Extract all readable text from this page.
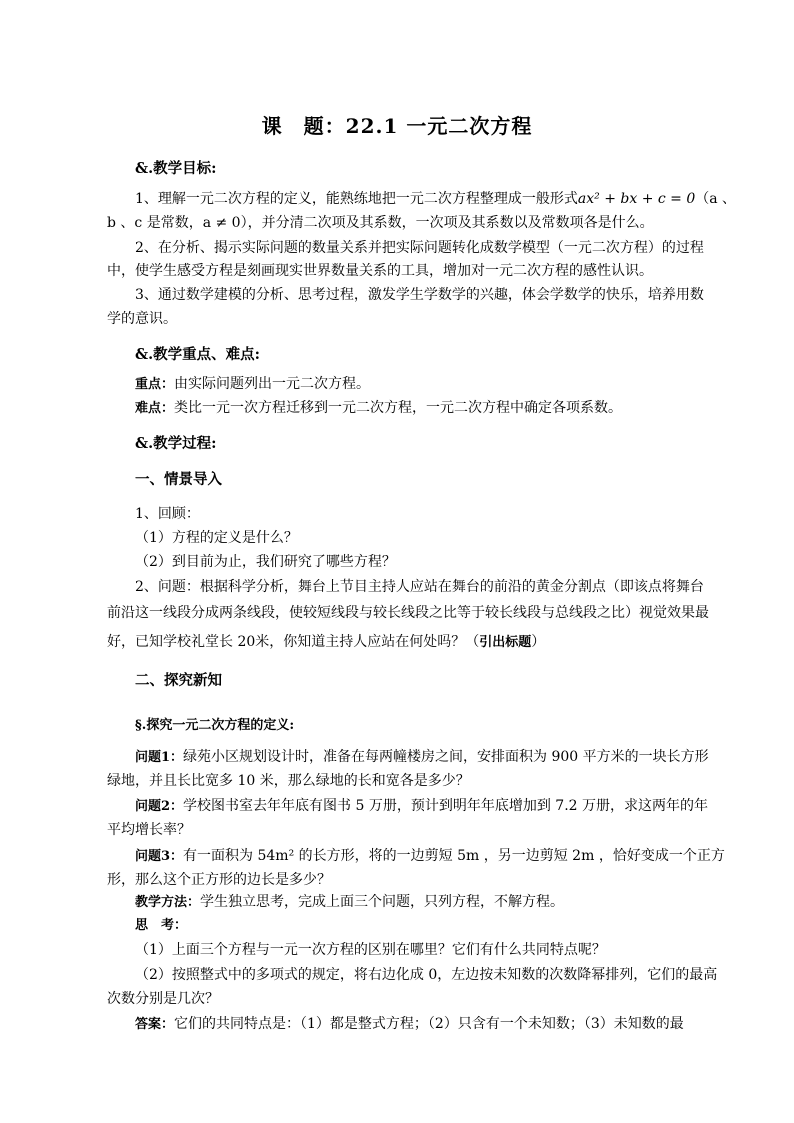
课　题：22.1 一元二次方程
&.教学目标:
1、理解一元二次方程的定义，能熟练地把一元二次方程整理成一般形式ax² + bx + c = 0（a 、
b 、c 是常数，a ≠ 0），并分清二次项及其系数，一次项及其系数以及常数项各是什么。
2、在分析、揭示实际问题的数量关系并把实际问题转化成数学模型（一元二次方程）的过程
中，使学生感受方程是刻画现实世界数量关系的工具，增加对一元二次方程的感性认识。
3、通过数学建模的分析、思考过程，激发学生学数学的兴趣，体会学数学的快乐，培养用数
学的意识。
&.教学重点、难点:
重点：由实际问题列出一元二次方程。
难点：类比一元一次方程迁移到一元二次方程，一元二次方程中确定各项系数。
&.教学过程:
一、情景导入
1、回顾：
（1）方程的定义是什么？
（2）到目前为止，我们研究了哪些方程？
2、问题：根据科学分析，舞台上节目主持人应站在舞台的前沿的黄金分割点（即该点将舞台
前沿这一线段分成两条线段，使较短线段与较长线段之比等于较长线段与总线段之比）视觉效果最
好，已知学校礼堂长 20米，你知道主持人应站在何处吗？（引出标题）
二、探究新知
§.探究一元二次方程的定义:
问题1：绿苑小区规划设计时，准备在每两幢楼房之间，安排面积为 900 平方米的一块长方形
绿地，并且长比宽多 10 米，那么绿地的长和宽各是多少？
问题2：学校图书室去年年底有图书 5 万册，预计到明年年底增加到 7.2 万册，求这两年的年
平均增长率？
问题3：有一面积为 54m² 的长方形，将的一边剪短 5m ，另一边剪短 2m ，恰好变成一个正方
形，那么这个正方形的边长是多少？
教学方法：学生独立思考，完成上面三个问题，只列方程，不解方程。
思　考：
（1）上面三个方程与一元一次方程的区别在哪里？它们有什么共同特点呢？
（2）按照整式中的多项式的规定，将右边化成 0，左边按未知数的次数降幂排列，它们的最高
次数分别是几次？
答案：它们的共同特点是：（1）都是整式方程；（2）只含有一个未知数；（3）未知数的最
